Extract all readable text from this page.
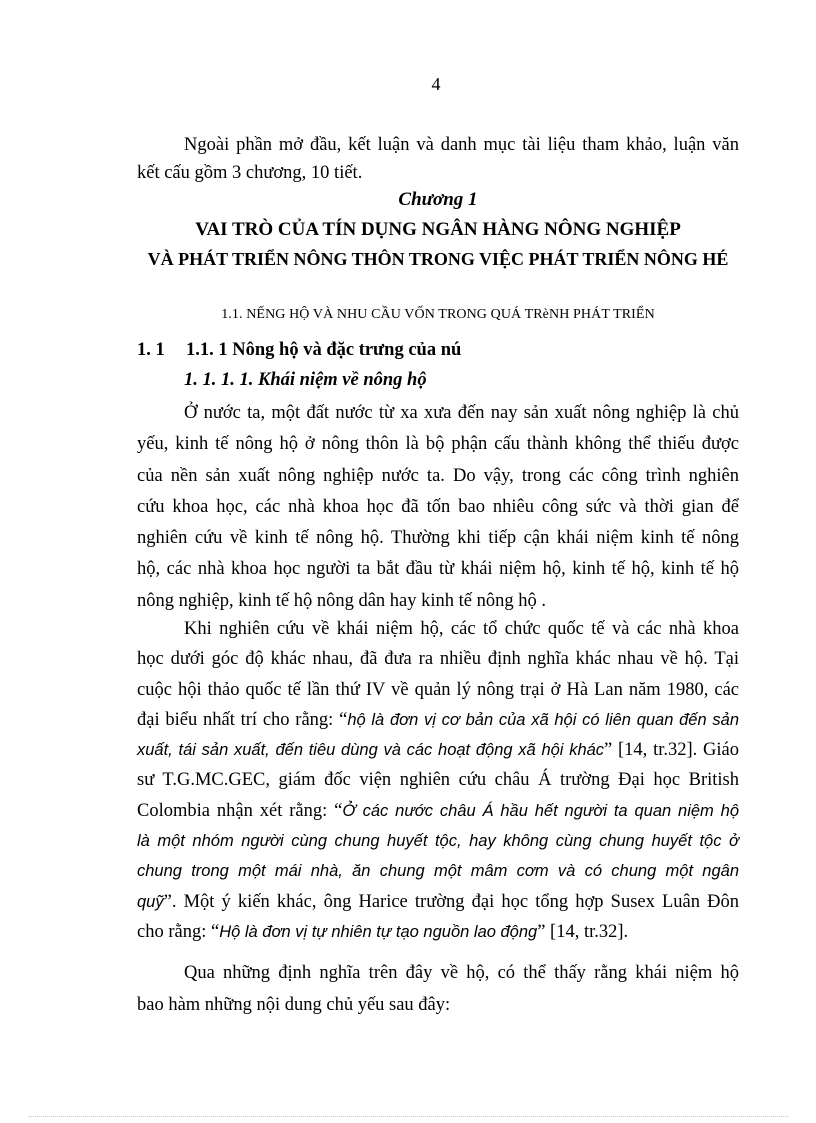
4
Ngoài phần mở đầu, kết luận và danh mục tài liệu tham khảo, luận văn
kết cấu gồm 3 chương, 10 tiết.
Chương 1
VAI TRÒ CỦA TÍN DỤNG NGÂN HÀNG NÔNG NGHIỆP
VÀ PHÁT TRIỂN NÔNG THÔN TRONG VIỆC PHÁT TRIỂN NÔNG HÉ
1.1. NẾNG HỘ VÀ NHU CẦU VỐN TRONG QUÁ TRèNH PHÁT TRIỂN
1. 1 1.1. 1 Nông hộ và đặc trưng của nú
1. 1. 1. 1. Khái niệm về nông hộ
Ở nước ta, một đất nước từ xa xưa đến nay sản xuất nông nghiệp là chủ
yếu, kinh tế nông hộ ở nông thôn là bộ phận cấu thành không thể thiếu được
của nền sản xuất nông nghiệp nước ta. Do vậy, trong các công trình nghiên
cứu khoa học, các nhà khoa học đã tốn bao nhiêu công sức và thời gian để
nghiên cứu về kinh tế nông hộ. Thường khi tiếp cận khái niệm kinh tế nông
hộ, các nhà khoa học người ta bắt đầu từ khái niệm hộ, kinh tế hộ, kinh tế hộ
nông nghiệp, kinh tế hộ nông dân hay kinh tế nông hộ .
Khi nghiên cứu về khái niệm hộ, các tổ chức quốc tế và các nhà khoa
học dưới góc độ khác nhau, đã đưa ra nhiều định nghĩa khác nhau về hộ. Tại
cuộc hội thảo quốc tế lần thứ IV về quản lý nông trại ở Hà Lan năm 1980, các
đại biểu nhất trí cho rằng: “hộ là đơn vị cơ bản của xã hội có liên quan đến sản
xuất, tái sản xuất, đến tiêu dùng và các hoạt động xã hội khác” [14, tr.32]. Giáo
sư T.G.MC.GEC, giám đốc viện nghiên cứu châu Á trường Đại học British
Colombia nhận xét rằng: “Ở các nước châu Á hầu hết người ta quan niệm hộ
là một nhóm người cùng chung huyết tộc, hay không cùng chung huyết tộc ở
chung trong một mái nhà, ăn chung một mâm cơm và có chung một ngân
quỹ”. Một ý kiến khác, ông Harice trường đại học tổng hợp Susex Luân Đôn
cho rằng: “Hộ là đơn vị tự nhiên tự tạo nguồn lao động” [14, tr.32].
Qua những định nghĩa trên đây về hộ, có thể thấy rằng khái niệm hộ
bao hàm những nội dung chủ yếu sau đây:
